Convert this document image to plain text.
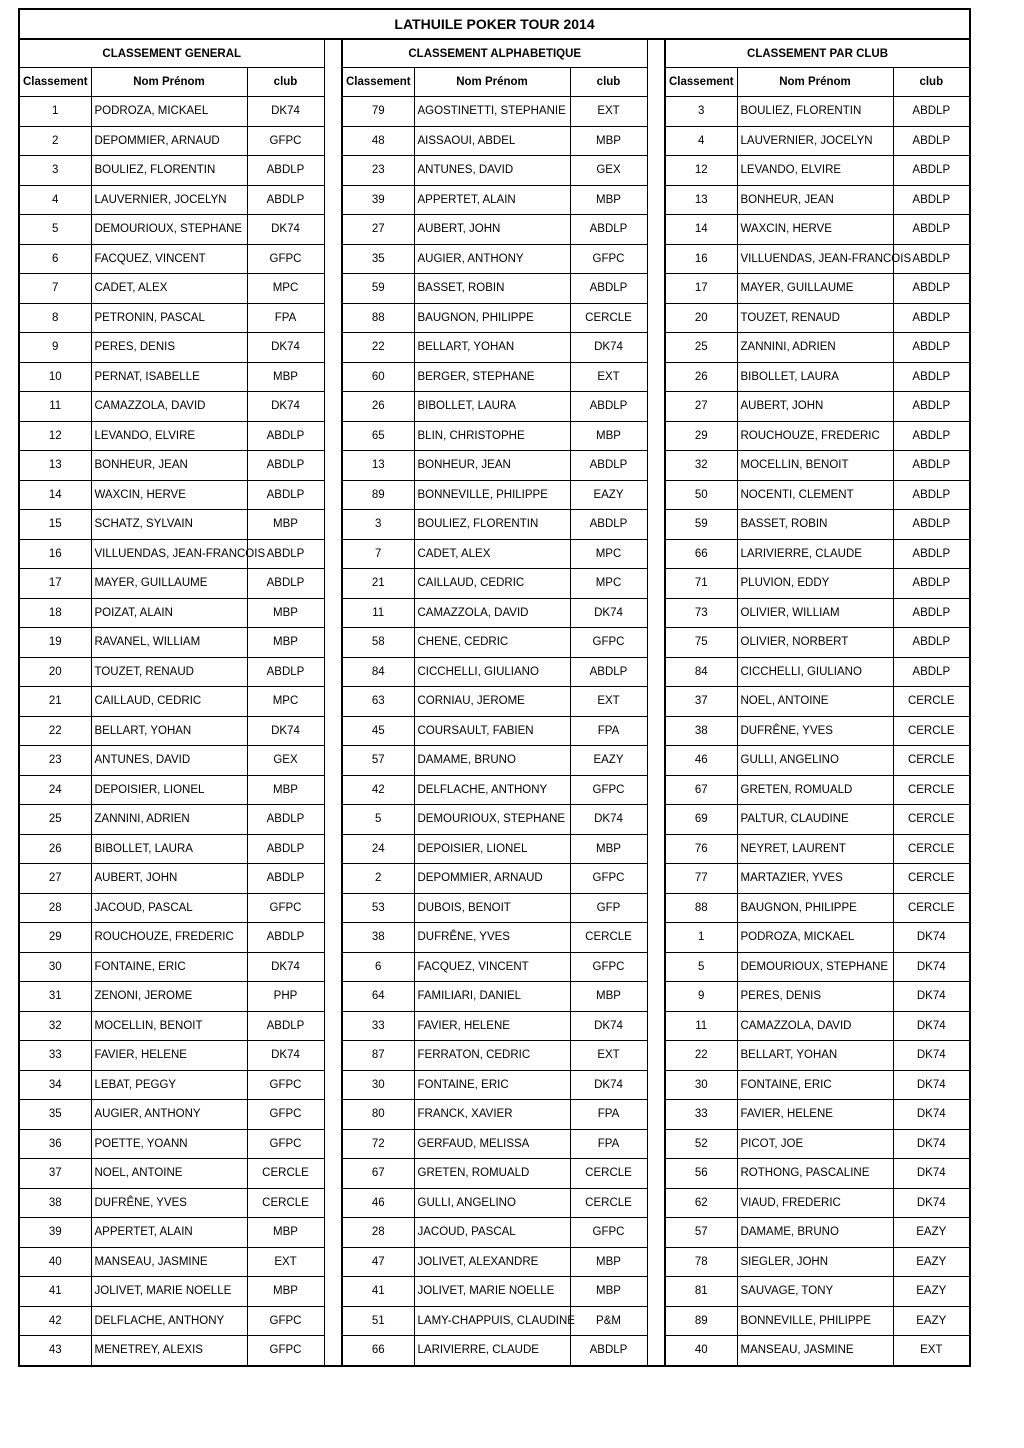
LATHUILE POKER TOUR 2014										
CLASSEMENT GENERAL				CLASSEMENT ALPHABETIQUE				CLASSEMENT PAR CLUB		
Classement	Nom Prénom	club		Classement	Nom Prénom	club		Classement	Nom Prénom	club
1	PODROZA, MICKAEL	DK74		79	AGOSTINETTI, STEPHANIE	EXT		3	BOULIEZ, FLORENTIN	ABDLP
2	DEPOMMIER, ARNAUD	GFPC		48	AISSAOUI, ABDEL	MBP		4	LAUVERNIER, JOCELYN	ABDLP
3	BOULIEZ, FLORENTIN	ABDLP		23	ANTUNES, DAVID	GEX		12	LEVANDO, ELVIRE	ABDLP
4	LAUVERNIER, JOCELYN	ABDLP		39	APPERTET, ALAIN	MBP		13	BONHEUR, JEAN	ABDLP
5	DEMOURIOUX, STEPHANE	DK74		27	AUBERT, JOHN	ABDLP		14	WAXCIN, HERVE	ABDLP
6	FACQUEZ, VINCENT	GFPC		35	AUGIER, ANTHONY	GFPC		16	VILLUENDAS, JEAN-FRANCOIS	ABDLP
7	CADET, ALEX	MPC		59	BASSET, ROBIN	ABDLP		17	MAYER, GUILLAUME	ABDLP
8	PETRONIN, PASCAL	FPA		88	BAUGNON, PHILIPPE	CERCLE		20	TOUZET, RENAUD	ABDLP
9	PERES, DENIS	DK74		22	BELLART, YOHAN	DK74		25	ZANNINI, ADRIEN	ABDLP
10	PERNAT, ISABELLE	MBP		60	BERGER, STEPHANE	EXT		26	BIBOLLET, LAURA	ABDLP
11	CAMAZZOLA, DAVID	DK74		26	BIBOLLET, LAURA	ABDLP		27	AUBERT, JOHN	ABDLP
12	LEVANDO, ELVIRE	ABDLP		65	BLIN, CHRISTOPHE	MBP		29	ROUCHOUZE, FREDERIC	ABDLP
13	BONHEUR, JEAN	ABDLP		13	BONHEUR, JEAN	ABDLP		32	MOCELLIN, BENOIT	ABDLP
14	WAXCIN, HERVE	ABDLP		89	BONNEVILLE, PHILIPPE	EAZY		50	NOCENTI, CLEMENT	ABDLP
15	SCHATZ, SYLVAIN	MBP		3	BOULIEZ, FLORENTIN	ABDLP		59	BASSET, ROBIN	ABDLP
16	VILLUENDAS, JEAN-FRANCOIS	ABDLP		7	CADET, ALEX	MPC		66	LARIVIERRE, CLAUDE	ABDLP
17	MAYER, GUILLAUME	ABDLP		21	CAILLAUD, CEDRIC	MPC		71	PLUVION, EDDY	ABDLP
18	POIZAT, ALAIN	MBP		11	CAMAZZOLA, DAVID	DK74		73	OLIVIER, WILLIAM	ABDLP
19	RAVANEL, WILLIAM	MBP		58	CHENE, CEDRIC	GFPC		75	OLIVIER, NORBERT	ABDLP
20	TOUZET, RENAUD	ABDLP		84	CICCHELLI, GIULIANO	ABDLP		84	CICCHELLI, GIULIANO	ABDLP
21	CAILLAUD, CEDRIC	MPC		63	CORNIAU, JEROME	EXT		37	NOEL, ANTOINE	CERCLE
22	BELLART, YOHAN	DK74		45	COURSAULT, FABIEN	FPA		38	DUFRÊNE, YVES	CERCLE
23	ANTUNES, DAVID	GEX		57	DAMAME, BRUNO	EAZY		46	GULLI, ANGELINO	CERCLE
24	DEPOISIER, LIONEL	MBP		42	DELFLACHE, ANTHONY	GFPC		67	GRETEN, ROMUALD	CERCLE
25	ZANNINI, ADRIEN	ABDLP		5	DEMOURIOUX, STEPHANE	DK74		69	PALTUR, CLAUDINE	CERCLE
26	BIBOLLET, LAURA	ABDLP		24	DEPOISIER, LIONEL	MBP		76	NEYRET, LAURENT	CERCLE
27	AUBERT, JOHN	ABDLP		2	DEPOMMIER, ARNAUD	GFPC		77	MARTAZIER, YVES	CERCLE
28	JACOUD, PASCAL	GFPC		53	DUBOIS, BENOIT	GFP		88	BAUGNON, PHILIPPE	CERCLE
29	ROUCHOUZE, FREDERIC	ABDLP		38	DUFRÊNE, YVES	CERCLE		1	PODROZA, MICKAEL	DK74
30	FONTAINE, ERIC	DK74		6	FACQUEZ, VINCENT	GFPC		5	DEMOURIOUX, STEPHANE	DK74
31	ZENONI, JEROME	PHP		64	FAMILIARI, DANIEL	MBP		9	PERES, DENIS	DK74
32	MOCELLIN, BENOIT	ABDLP		33	FAVIER, HELENE	DK74		11	CAMAZZOLA, DAVID	DK74
33	FAVIER, HELENE	DK74		87	FERRATON, CEDRIC	EXT		22	BELLART, YOHAN	DK74
34	LEBAT, PEGGY	GFPC		30	FONTAINE, ERIC	DK74		30	FONTAINE, ERIC	DK74
35	AUGIER, ANTHONY	GFPC		80	FRANCK, XAVIER	FPA		33	FAVIER, HELENE	DK74
36	POETTE, YOANN	GFPC		72	GERFAUD, MELISSA	FPA		52	PICOT, JOE	DK74
37	NOEL, ANTOINE	CERCLE		67	GRETEN, ROMUALD	CERCLE		56	ROTHONG, PASCALINE	DK74
38	DUFRÊNE, YVES	CERCLE		46	GULLI, ANGELINO	CERCLE		62	VIAUD, FREDERIC	DK74
39	APPERTET, ALAIN	MBP		28	JACOUD, PASCAL	GFPC		57	DAMAME, BRUNO	EAZY
40	MANSEAU, JASMINE	EXT		47	JOLIVET, ALEXANDRE	MBP		78	SIEGLER, JOHN	EAZY
41	JOLIVET, MARIE NOELLE	MBP		41	JOLIVET, MARIE NOELLE	MBP		81	SAUVAGE, TONY	EAZY
42	DELFLACHE, ANTHONY	GFPC		51	LAMY-CHAPPUIS, CLAUDINE	P&M		89	BONNEVILLE, PHILIPPE	EAZY
43	MENETREY, ALEXIS	GFPC		66	LARIVIERRE, CLAUDE	ABDLP		40	MANSEAU, JASMINE	EXT
